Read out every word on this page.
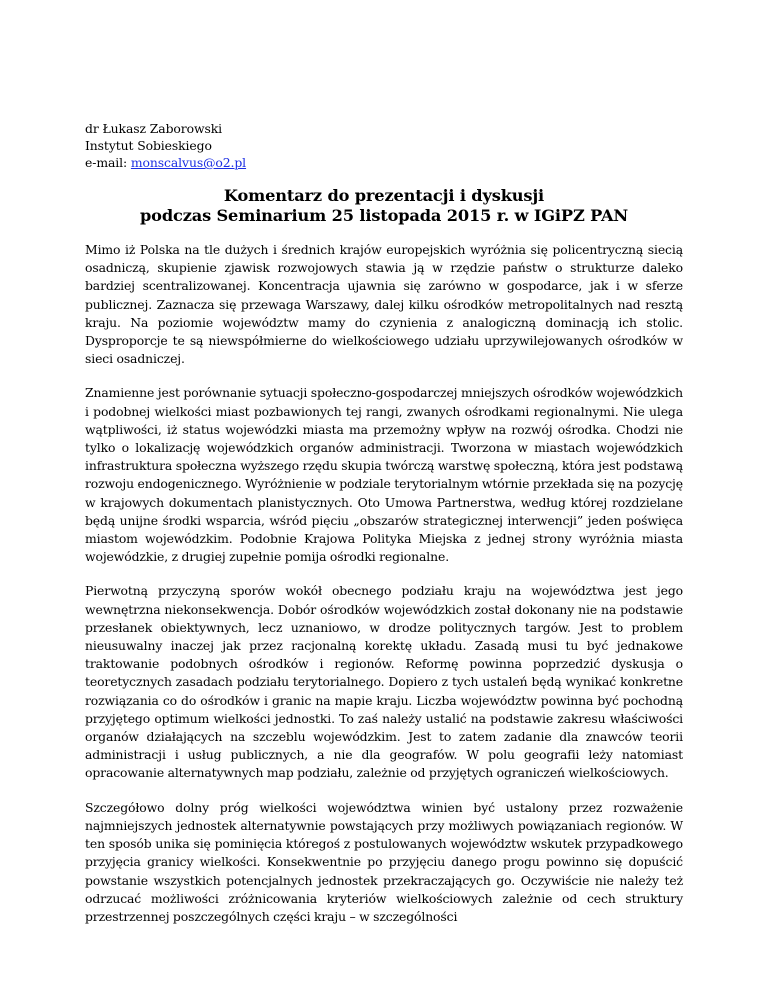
dr Łukasz Zaborowski
Instytut Sobieskiego
e-mail: monscalvus@o2.pl
Komentarz do prezentacji i dyskusji
podczas Seminarium 25 listopada 2015 r. w IGiPZ PAN

Mimo iż Polska na tle dużych i średnich krajów europejskich wyróżnia się policentryczną siecią osadniczą, skupienie zjawisk rozwojowych stawia ją w rzędzie państw o strukturze daleko bardziej scentralizowanej. Koncentracja ujawnia się zarówno w gospodarce, jak i w sferze publicznej. Zaznacza się przewaga Warszawy, dalej kilku ośrodków metropolitalnych nad resztą kraju. Na poziomie województw mamy do czynienia z analogiczną dominacją ich stolic. Dysproporcje te są niewspółmierne do wielkościowego udziału uprzywilejowanych ośrodków w sieci osadniczej.

Znamienne jest porównanie sytuacji społeczno-gospodarczej mniejszych ośrodków wojewódzkich i podobnej wielkości miast pozbawionych tej rangi, zwanych ośrodkami regionalnymi. Nie ulega wątpliwości, iż status wojewódzki miasta ma przemożny wpływ na rozwój ośrodka. Chodzi nie tylko o lokalizację wojewódzkich organów administracji. Tworzona w miastach wojewódzkich infrastruktura społeczna wyższego rzędu skupia twórczą warstwę społeczną, która jest podstawą rozwoju endogenicznego. Wyróżnienie w podziale terytorialnym wtórnie przekłada się na pozycję w krajowych dokumentach planistycznych. Oto Umowa Partnerstwa, według której rozdzielane będą unijne środki wsparcia, wśród pięciu „obszarów strategicznej interwencji” jeden poświęca miastom wojewódzkim. Podobnie Krajowa Polityka Miejska z jednej strony wyróżnia miasta wojewódzkie, z drugiej zupełnie pomija ośrodki regionalne.

Pierwotną przyczyną sporów wokół obecnego podziału kraju na województwa jest jego wewnętrzna niekonsekwencja. Dobór ośrodków wojewódzkich został dokonany nie na podstawie przesłanek obiektywnych, lecz uznaniowo, w drodze politycznych targów. Jest to problem nieusuwalny inaczej jak przez racjonalną korektę układu. Zasadą musi tu być jednakowe traktowanie podobnych ośrodków i regionów. Reformę powinna poprzedzić dyskusja o teoretycznych zasadach podziału terytorialnego. Dopiero z tych ustaleń będą wynikać konkretne rozwiązania co do ośrodków i granic na mapie kraju. Liczba województw powinna być pochodną przyjętego optimum wielkości jednostki. To zaś należy ustalić na podstawie zakresu właściwości organów działających na szczeblu wojewódzkim. Jest to zatem zadanie dla znawców teorii administracji i usług publicznych, a nie dla geografów. W polu geografii leży natomiast opracowanie alternatywnych map podziału, zależnie od przyjętych ograniczeń wielkościowych.

Szczegółowo dolny próg wielkości województwa winien być ustalony przez rozważenie najmniejszych jednostek alternatywnie powstających przy możliwych powiązaniach regionów. W ten sposób unika się pominięcia któregoś z postulowanych województw wskutek przypadkowego przyjęcia granicy wielkości. Konsekwentnie po przyjęciu danego progu powinno się dopuścić powstanie wszystkich potencjalnych jednostek przekraczających go. Oczywiście nie należy też odrzucać możliwości zróżnicowania kryteriów wielkościowych zależnie od cech struktury przestrzennej poszczególnych części kraju – w szczególności
